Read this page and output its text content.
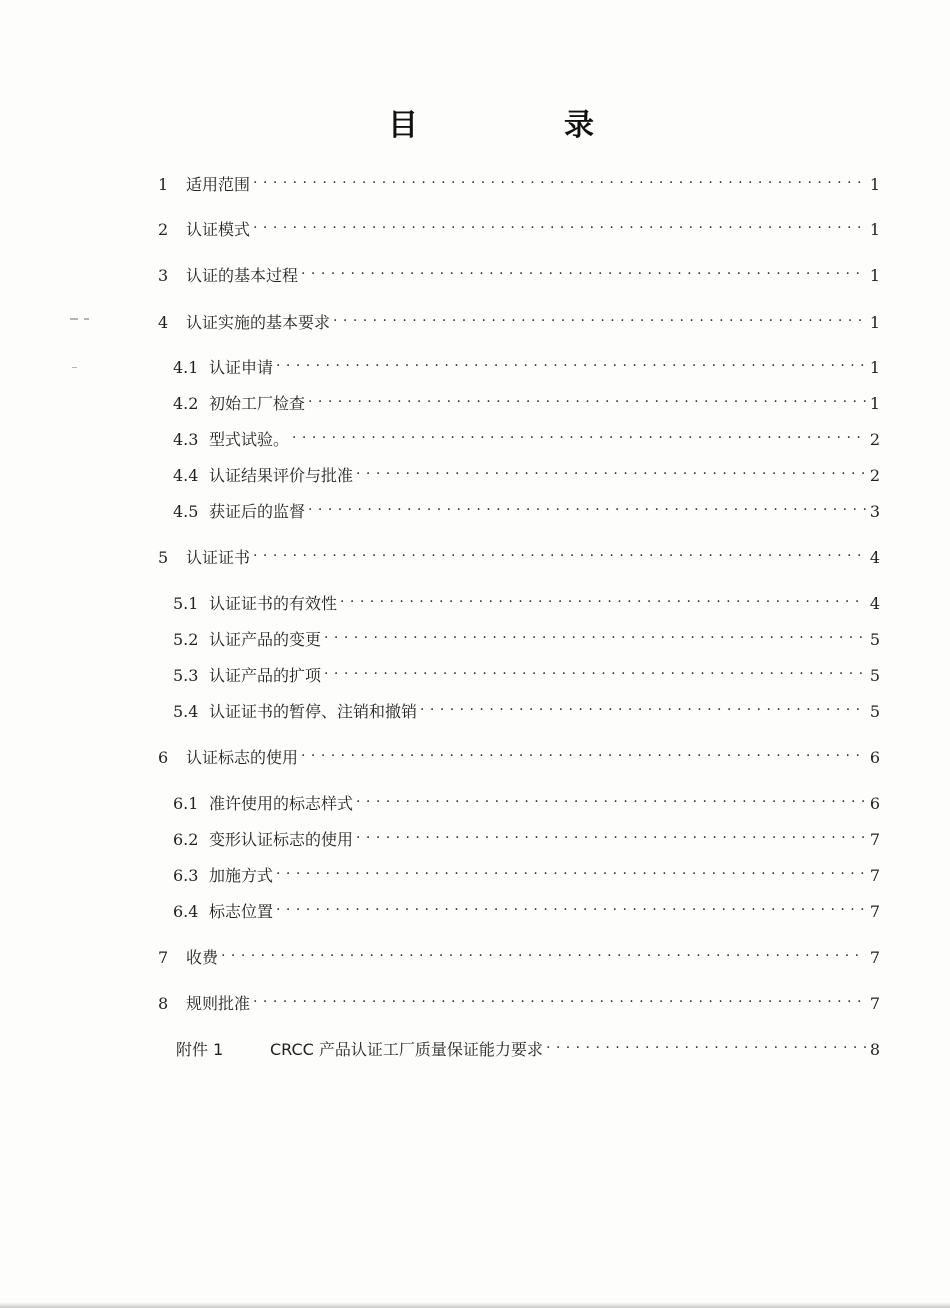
目　录
1	适用范围 . . .	1
2	认证模式 . . .	1
3	认证的基本过程 . . .	1
4	认证实施的基本要求 . . .	1
4.1 认证申请 . . .	1
4.2 初始工厂检查 . . .	1
4.3 型式试验。 . . .	2
4.4 认证结果评价与批准 . . .	2
4.5 获证后的监督 . . .	3
5	认证证书 . . .	4
5.1 认证证书的有效性 . . .	4
5.2 认证产品的变更 . . .	5
5.3 认证产品的扩项 . . .	5
5.4 认证证书的暂停、注销和撤销 . . .	5
6	认证标志的使用 . . .	6
6.1 准许使用的标志样式 . . .	6
6.2 变形认证标志的使用 . . .	7
6.3 加施方式 . . .	7
6.4 标志位置 . . .	7
7	收费 . . .	7
8	规则批准 . . .	7
附件 1	CRCC 产品认证工厂质量保证能力要求 . . .	8
